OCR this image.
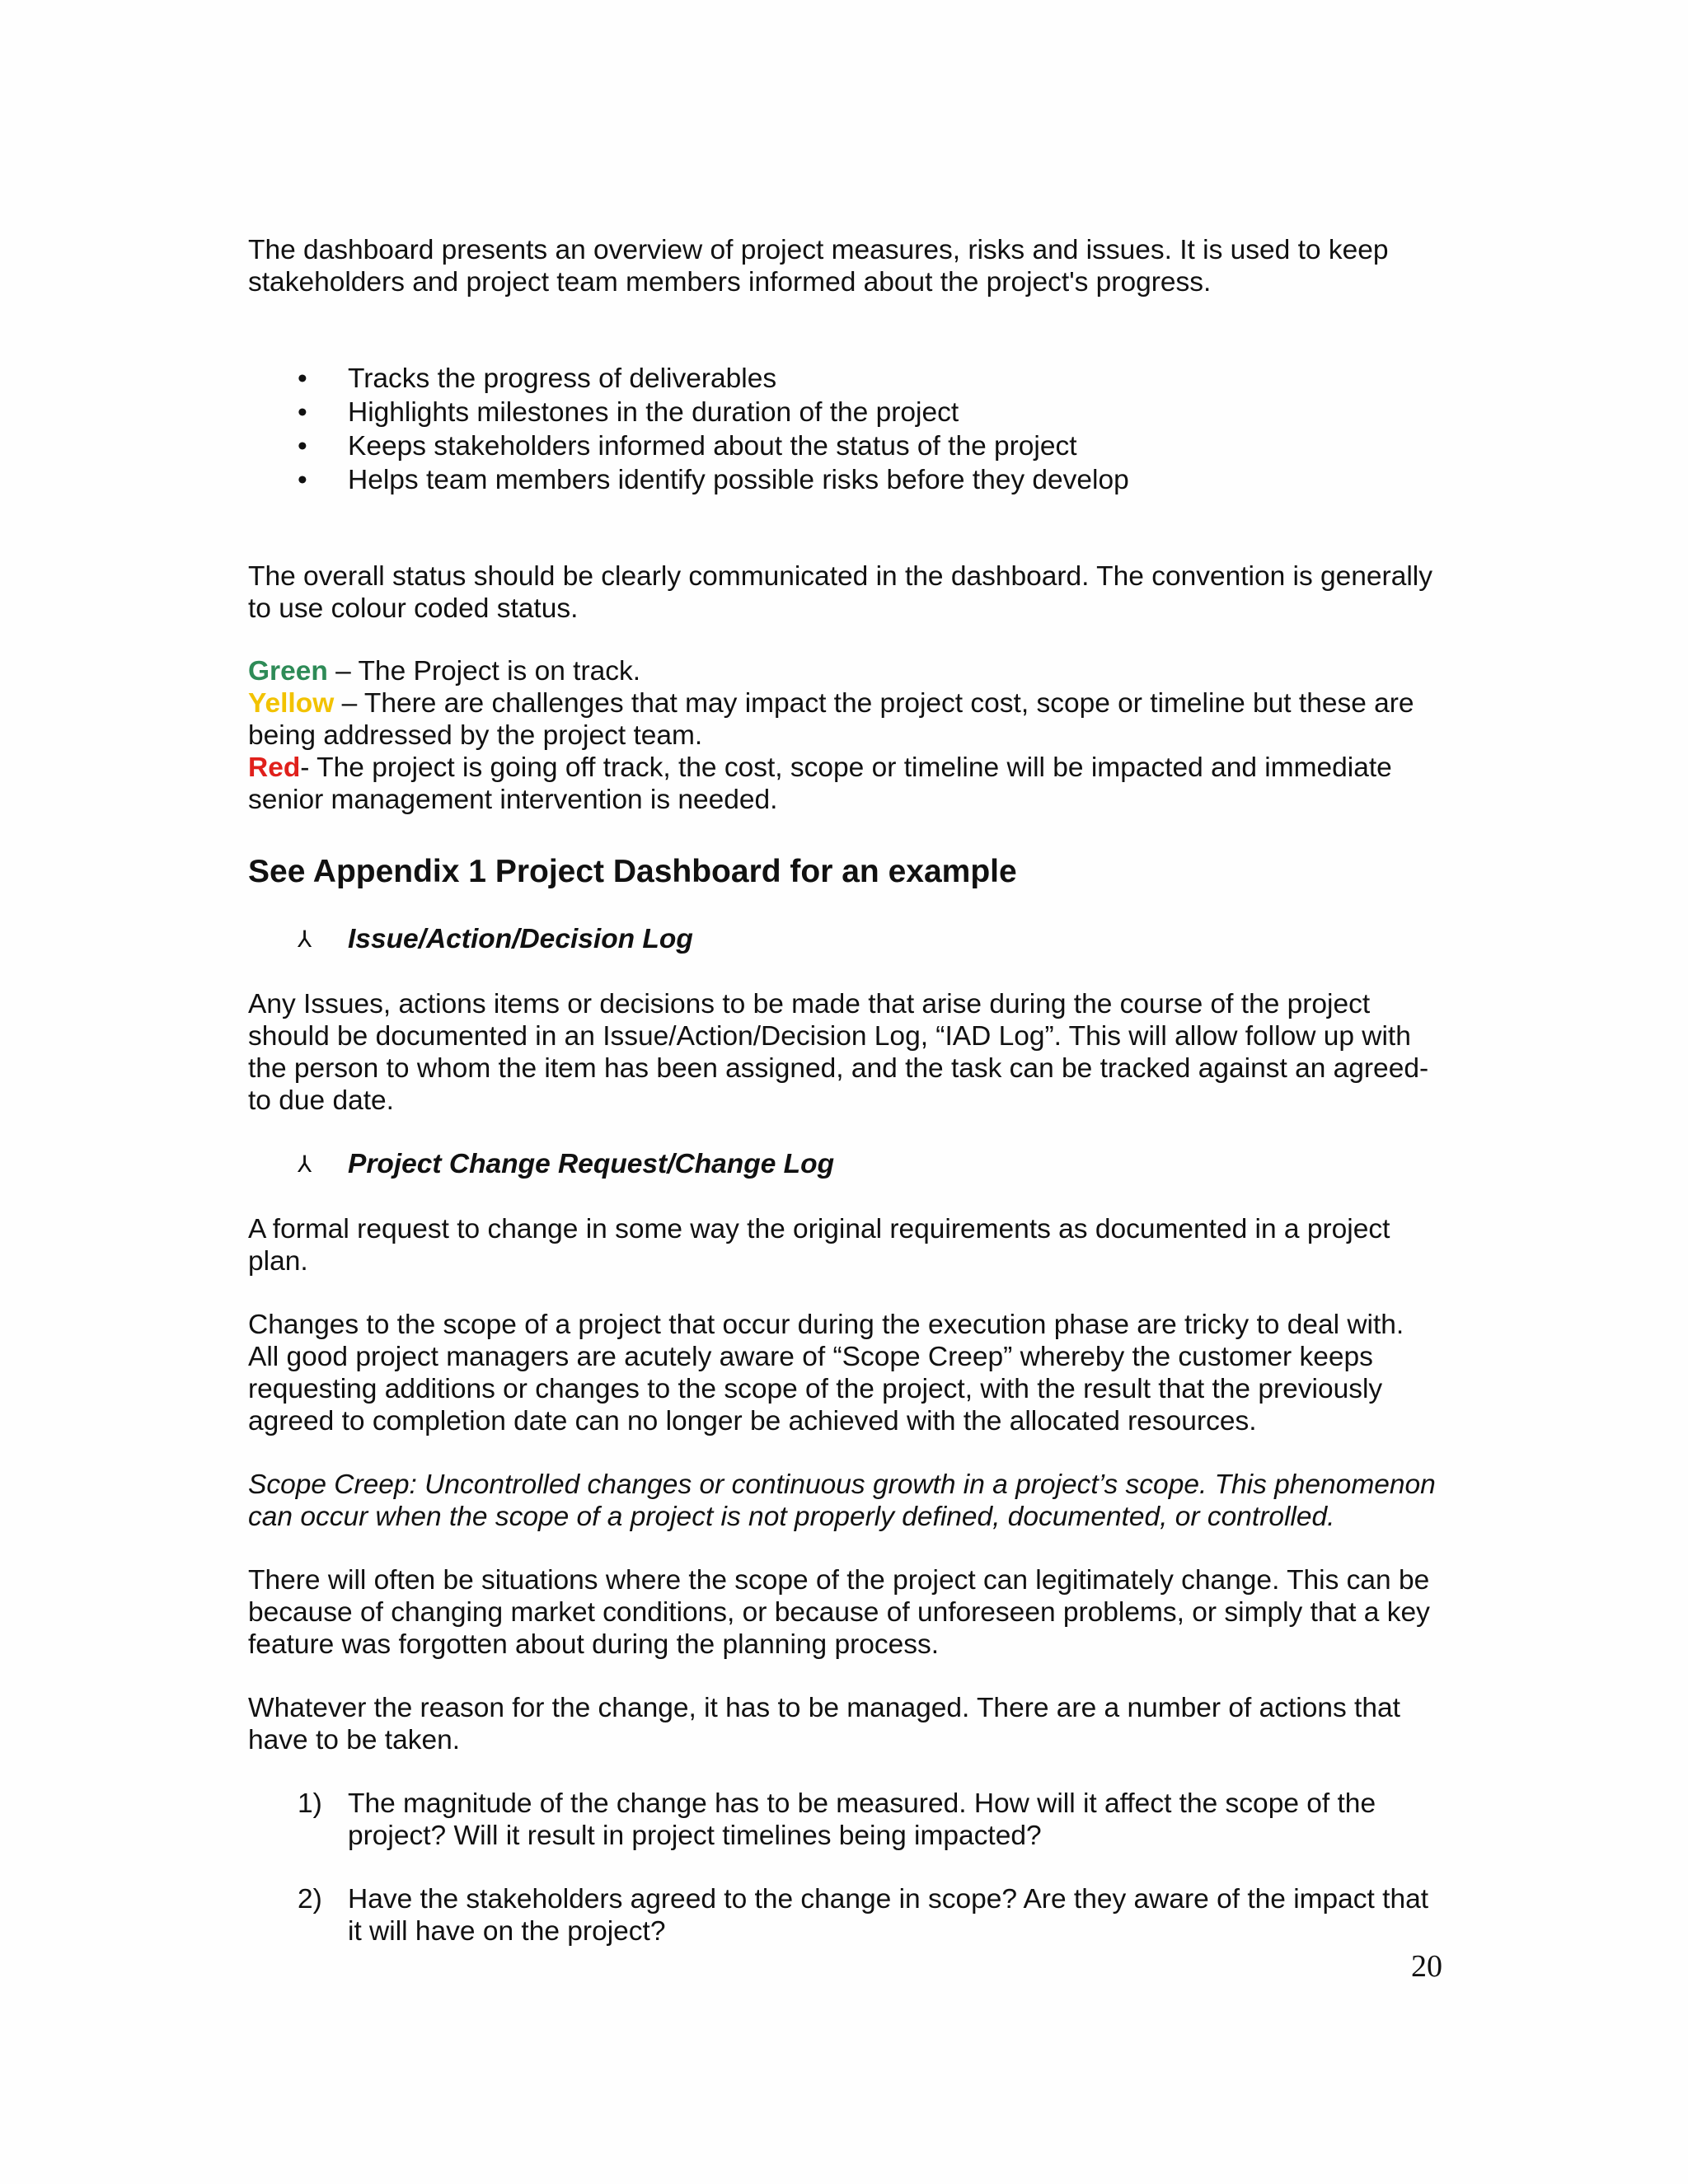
The dashboard presents an overview of project measures, risks and issues. It is used to keep
stakeholders and project team members informed about the project's progress.

• Tracks the progress of deliverables
• Highlights milestones in the duration of the project
• Keeps stakeholders informed about the status of the project
• Helps team members identify possible risks before they develop

The overall status should be clearly communicated in the dashboard. The convention is generally
to use colour coded status.

Green – The Project is on track.

Yellow – There are challenges that may impact the project cost, scope or timeline but these are
being addressed by the project team.

Red- The project is going off track, the cost, scope or timeline will be impacted and immediate
senior management intervention is needed.

See Appendix 1 Project Dashboard for an example
⅄ Issue/Action/Decision Log

Any Issues, actions items or decisions to be made that arise during the course of the project
should be documented in an Issue/Action/Decision Log, “IAD Log”. This will allow follow up with
the person to whom the item has been assigned, and the task can be tracked against an agreed-
to due date.

⅄ Project Change Request/Change Log

A formal request to change in some way the original requirements as documented in a project
plan.

Changes to the scope of a project that occur during the execution phase are tricky to deal with.
All good project managers are acutely aware of “Scope Creep” whereby the customer keeps
requesting additions or changes to the scope of the project, with the result that the previously
agreed to completion date can no longer be achieved with the allocated resources.

Scope Creep: Uncontrolled changes or continuous growth in a project’s scope. This phenomenon
can occur when the scope of a project is not properly defined, documented, or controlled.

There will often be situations where the scope of the project can legitimately change. This can be
because of changing market conditions, or because of unforeseen problems, or simply that a key
feature was forgotten about during the planning process.

Whatever the reason for the change, it has to be managed. There are a number of actions that
have to be taken.

1) The magnitude of the change has to be measured. How will it affect the scope of the
project? Will it result in project timelines being impacted?
2) Have the stakeholders agreed to the change in scope? Are they aware of the impact that
it will have on the project?
20
